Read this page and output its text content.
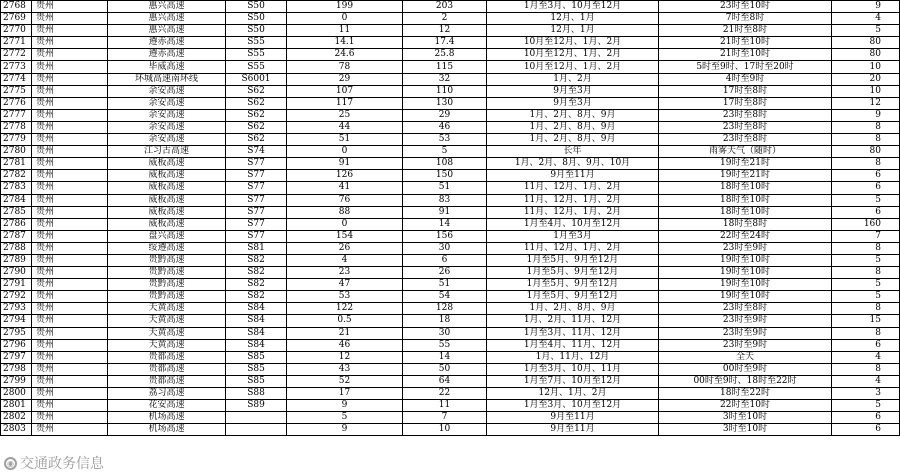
2768	贵州	惠兴高速	S50	199	203	1月至3月、10月至12月	23时至10时	9
2769	贵州	惠兴高速	S50	0	2	12月、1月	7时至8时	4
2770	贵州	惠兴高速	S50	11	12	12月、1月	21时至8时	5
2771	贵州	遵赤高速	S55	14.1	17.4	10月至12月、1月、2月	21时至10时	80
2772	贵州	遵赤高速	S55	24.6	25.8	10月至12月、1月、2月	21时至10时	80
2773	贵州	毕威高速	S55	78	115	10月至12月、1月、2月	5时至9时、17时至20时	10
2774	贵州	环城高速南环线	S6001	29	32	1月、2月	4时至9时	20
2775	贵州	余安高速	S62	107	110	9月至3月	17时至8时	10
2776	贵州	余安高速	S62	117	130	9月至3月	17时至8时	12
2777	贵州	余安高速	S62	25	29	1月、2月、8月、9月	23时至8时	9
2778	贵州	余安高速	S62	44	46	1月、2月、8月、9月	23时至8时	8
2779	贵州	余安高速	S62	51	53	1月、2月、8月、9月	23时至8时	8
2780	贵州	江习古高速	S74	0	5	长年	雨雾天气（随时）	80
2781	贵州	威板高速	S77	91	108	1月、2月、8月、9月、10月	19时至21时	8
2782	贵州	威板高速	S77	126	150	9月至11月	19时至21时	6
2783	贵州	威板高速	S77	41	51	11月、12月、1月、2月	18时至10时	6
2784	贵州	威板高速	S77	76	83	11月、12月、1月、2月	18时至10时	5
2785	贵州	威板高速	S77	88	91	11月、12月、1月、2月	18时至10时	6
2786	贵州	威板高速	S77	0	14	1月至4月、10月至12月	18时至8时	160
2787	贵州	盘兴高速	S77	154	156	1月至3月	22时至24时	7
2788	贵州	绥遵高速	S81	26	30	11月、12月、1月、2月	23时至9时	8
2789	贵州	贵黔高速	S82	4	6	1月至5月、9月至12月	19时至10时	5
2790	贵州	贵黔高速	S82	23	26	1月至5月、9月至12月	19时至10时	8
2791	贵州	贵黔高速	S82	47	51	1月至5月、9月至12月	19时至10时	5
2792	贵州	贵黔高速	S82	53	54	1月至5月、9月至12月	19时至10时	5
2793	贵州	天黄高速	S84	122	128	1月、2月、8月、9月	23时至8时	8
2794	贵州	天黄高速	S84	0.5	18	1月、2月、11月、12月	23时至9时	15
2795	贵州	天黄高速	S84	21	30	1月至3月、11月、12月	23时至9时	8
2796	贵州	天黄高速	S84	46	55	1月至4月、11月、12月	23时至9时	6
2797	贵州	贵都高速	S85	12	14	1月、11月、12月	全天	4
2798	贵州	贵都高速	S85	43	50	1月至3月、10月、11月	00时至9时	8
2799	贵州	贵都高速	S85	52	64	1月至7月、10月至12月	00时至9时、18时至22时	4
2800	贵州	荔习高速	S88	17	22	12月、1月、2月	18时至22时	3
2801	贵州	花安高速	S89	9	11	1月至3月、10月至12月	22时至10时	5
2802	贵州	机场高速		5	7	9月至11月	3时至10时	6
2803	贵州	机场高速		9	10	9月至11月	3时至10时	6
◉ 交通政务信息
